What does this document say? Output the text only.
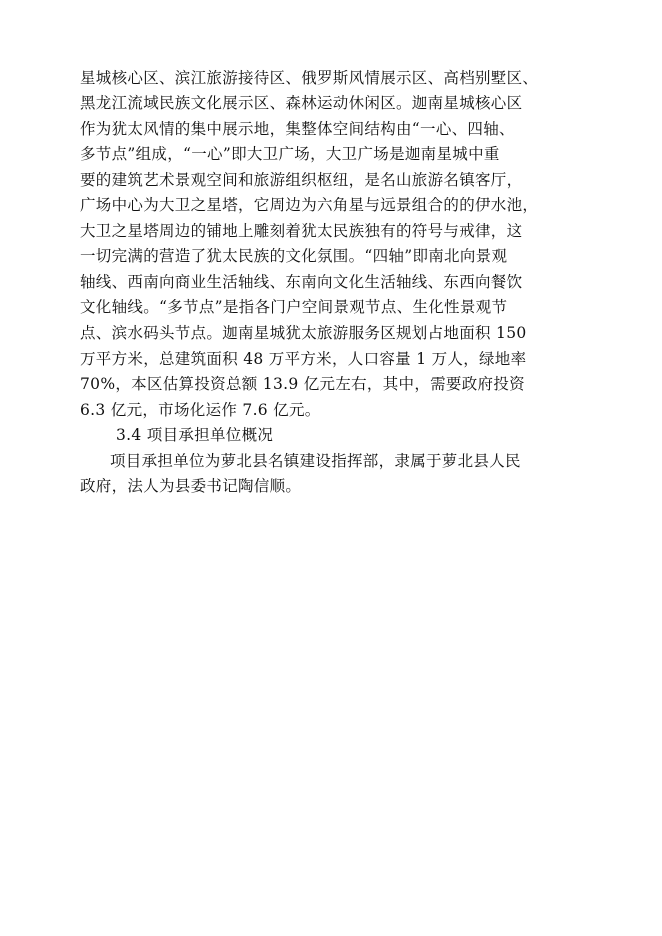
星城核心区、滨江旅游接待区、俄罗斯风情展示区、高档别墅区、
黑龙江流域民族文化展示区、森林运动休闲区。迦南星城核心区
作为犹太风情的集中展示地，集整体空间结构由“一心、四轴、
多节点”组成，“一心”即大卫广场，大卫广场是迦南星城中重
要的建筑艺术景观空间和旅游组织枢纽，是名山旅游名镇客厅，
广场中心为大卫之星塔，它周边为六角星与远景组合的的伊水池，
大卫之星塔周边的铺地上雕刻着犹太民族独有的符号与戒律，这
一切完满的营造了犹太民族的文化氛围。“四轴”即南北向景观
轴线、西南向商业生活轴线、东南向文化生活轴线、东西向餐饮
文化轴线。“多节点”是指各门户空间景观节点、生化性景观节
点、滨水码头节点。迦南星城犹太旅游服务区规划占地面积 150
万平方米，总建筑面积 48 万平方米，人口容量 1 万人，绿地率
70%，本区估算投资总额 13.9 亿元左右，其中，需要政府投资
6.3 亿元，市场化运作 7.6 亿元。
3.4 项目承担单位概况
项目承担单位为萝北县名镇建设指挥部，隶属于萝北县人民
政府，法人为县委书记陶信顺。
